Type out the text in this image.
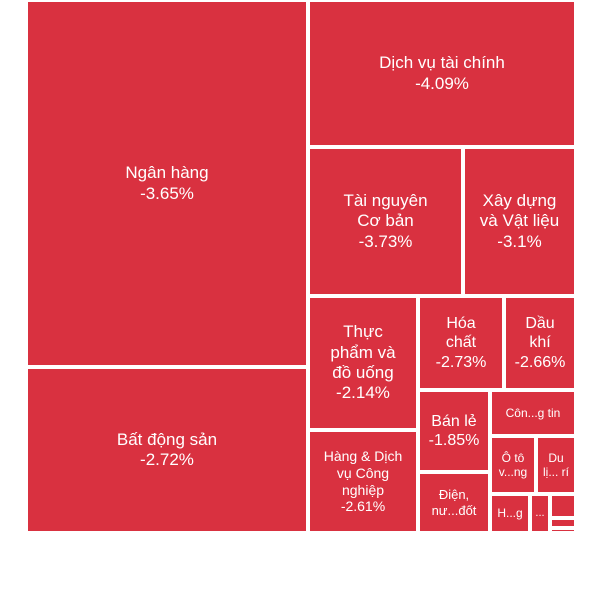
Ngân hàng
-3.65%
Bất động sản
-2.72%
Dịch vụ tài chính
-4.09%
Tài nguyên
Cơ bản
-3.73%
Xây dựng
và Vật liệu
-3.1%
Thực
phẩm và
đồ uống
-2.14%
Hóa
chất
-2.73%
Dầu
khí
-2.66%
Bán lẻ
-1.85%
Côn...g tin
Hàng & Dịch
vụ Công
nghiệp
-2.61%
Ô tô
v...ng
Du
lị... rí
Điện,
nư...đốt H...g ...
